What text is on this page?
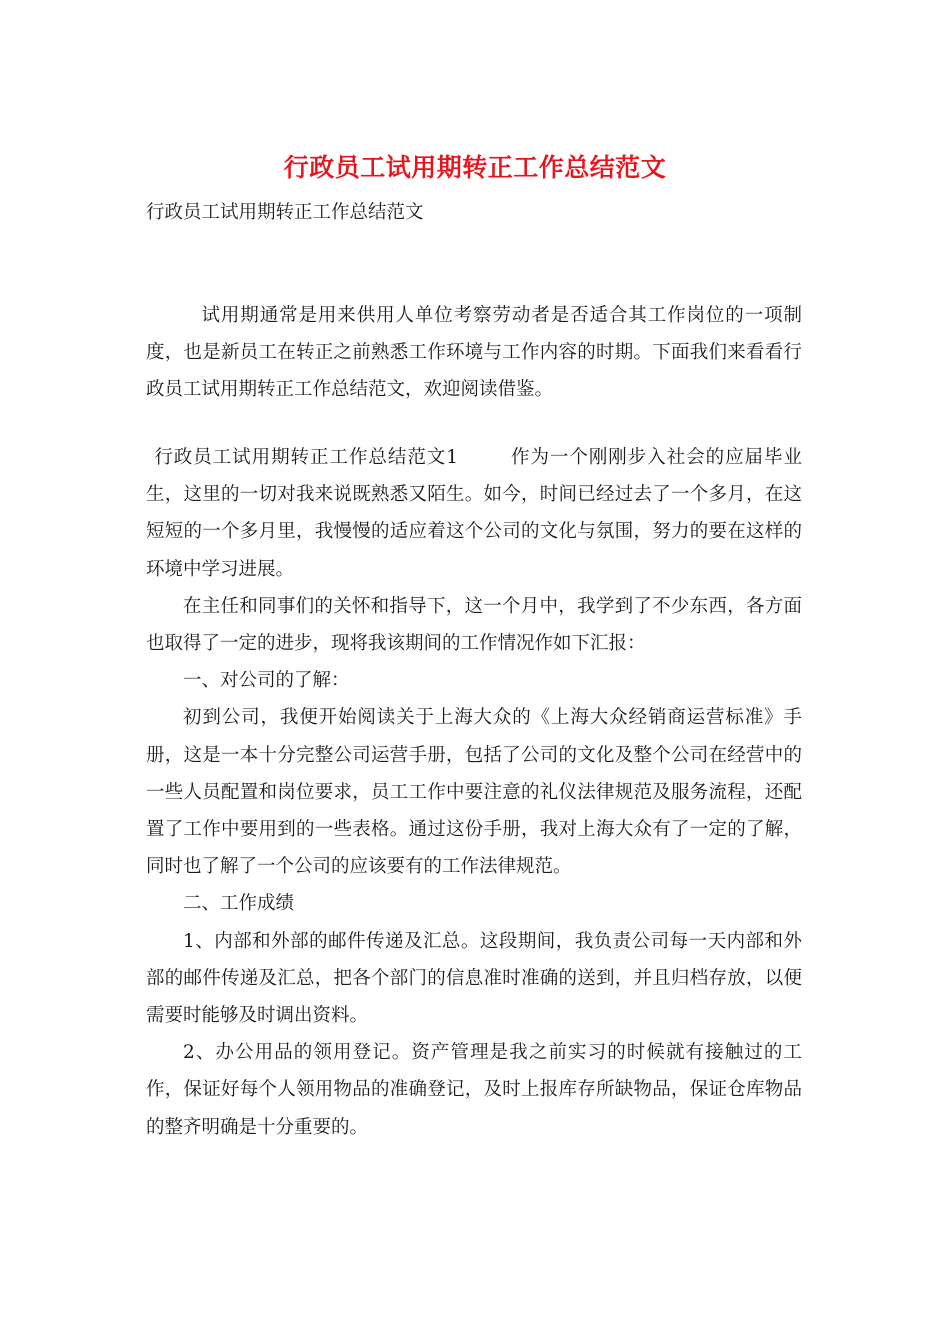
行政员工试用期转正工作总结范文
行政员工试用期转正工作总结范文

试用期通常是用来供用人单位考察劳动者是否适合其工作岗位的一项制度，也是新员工在转正之前熟悉工作环境与工作内容的时期。下面我们来看看行政员工试用期转正工作总结范文，欢迎阅读借鉴。

行政员工试用期转正工作总结范文1	作为一个刚刚步入社会的应届毕业生，这里的一切对我来说既熟悉又陌生。如今，时间已经过去了一个多月，在这短短的一个多月里，我慢慢的适应着这个公司的文化与氛围，努力的要在这样的环境中学习进展。

在主任和同事们的关怀和指导下，这一个月中，我学到了不少东西，各方面也取得了一定的进步，现将我该期间的工作情况作如下汇报：

一、对公司的了解：

初到公司，我便开始阅读关于上海大众的《上海大众经销商运营标准》手册，这是一本十分完整公司运营手册，包括了公司的文化及整个公司在经营中的一些人员配置和岗位要求，员工工作中要注意的礼仪法律规范及服务流程，还配置了工作中要用到的一些表格。通过这份手册，我对上海大众有了一定的了解，同时也了解了一个公司的应该要有的工作法律规范。

二、工作成绩

1、内部和外部的邮件传递及汇总。这段期间，我负责公司每一天内部和外部的邮件传递及汇总，把各个部门的信息准时准确的送到，并且归档存放，以便需要时能够及时调出资料。

2、办公用品的领用登记。资产管理是我之前实习的时候就有接触过的工作，保证好每个人领用物品的准确登记，及时上报库存所缺物品，保证仓库物品的整齐明确是十分重要的。
